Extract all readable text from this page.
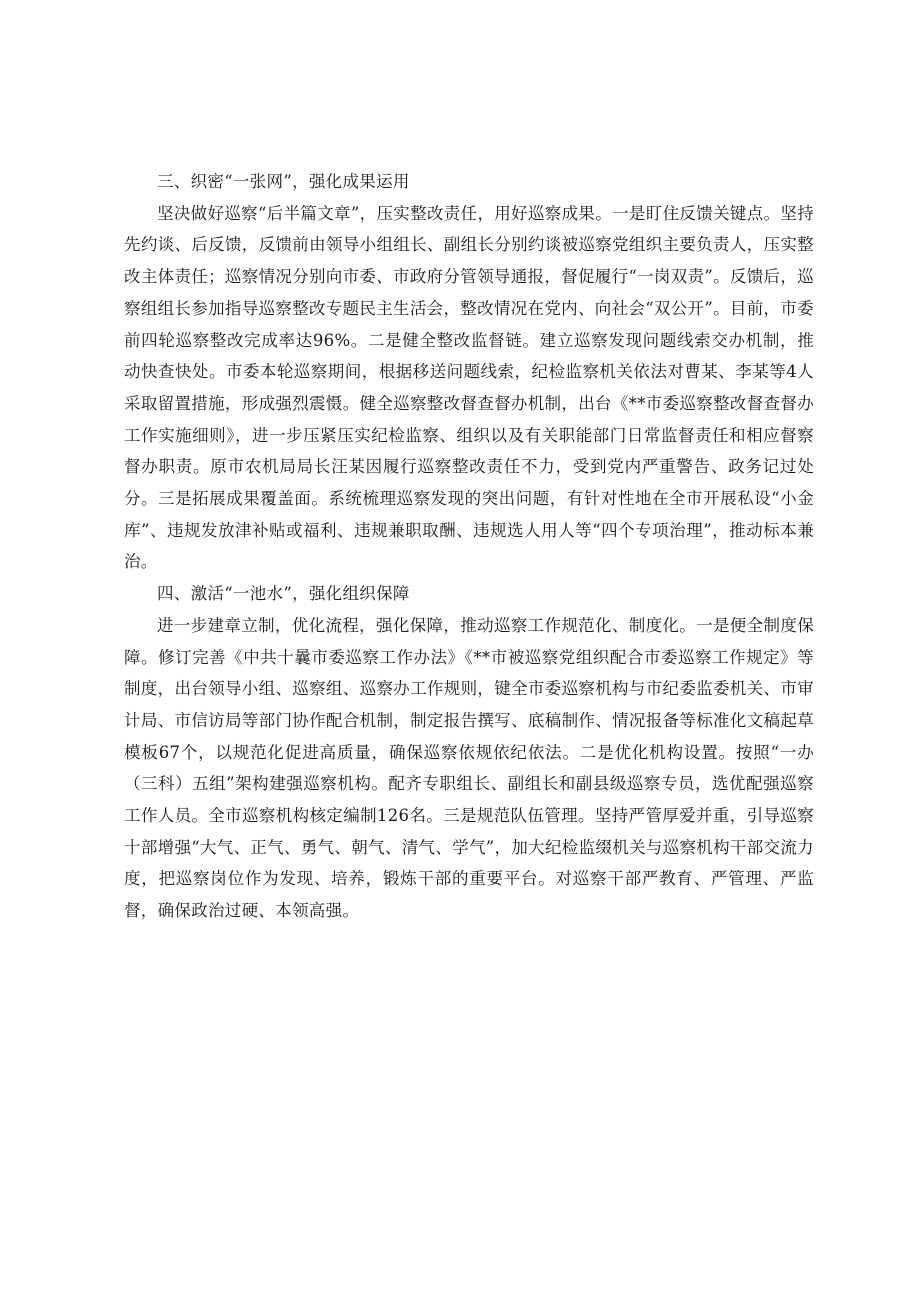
三、织密“一张网”，强化成果运用

坚决做好巡察“后半篇文章”，压实整改责任，用好巡察成果。一是盯住反馈关键点。坚持先约谈、后反馈，反馈前由领导小组组长、副组长分别约谈被巡察党组织主要负责人，压实整改主体责任；巡察情况分别向市委、市政府分管领导通报，督促履行“一岗双责”。反馈后，巡察组组长参加指导巡察整改专题民主生活会，整改情况在党内、向社会“双公开”。目前，市委前四轮巡察整改完成率达96%。二是健全整改监督链。建立巡察发现问题线索交办机制，推动快查快处。市委本轮巡察期间，根据移送问题线索，纪检监察机关依法对曹某、李某等4人采取留置措施，形成强烈震慑。健全巡察整改督查督办机制，出台《**市委巡察整改督查督办工作实施细则》，进一步压紧压实纪检监察、组织以及有关职能部门日常监督责任和相应督察督办职责。原市农机局局长汪某因履行巡察整改责任不力，受到党内严重警告、政务记过处分。三是拓展成果覆盖面。系统梳理巡察发现的突出问题，有针对性地在全市开展私设“小金库”、违规发放津补贴或福利、违规兼职取酬、违规选人用人等“四个专项治理”，推动标本兼治。

四、激活“一池水”，强化组织保障

进一步建章立制，优化流程，强化保障，推动巡察工作规范化、制度化。一是便全制度保障。修订完善《中共十曩市委巡察工作办法》《**市被巡察党组织配合市委巡察工作规定》等制度，出台领导小组、巡察组、巡察办工作规则，键全市委巡察机构与市纪委监委机关、市审计局、市信访局等部门协作配合机制，制定报告撰写、底稿制作、情况报备等标准化文稿起草模板67个，以规范化促进高质量，确保巡察依规依纪依法。二是优化机构设置。按照“一办（三科）五组”架构建强巡察机构。配齐专职组长、副组长和副县级巡察专员，选优配强巡察工作人员。全市巡察机构核定编制126名。三是规范队伍管理。坚持严管厚爱并重，引导巡察十部增强“大气、正气、勇气、朝气、清气、学气”，加大纪检监缀机关与巡察机构干部交流力度，把巡察岗位作为发现、培养，锻炼干部的重要平台。对巡察干部严教育、严管理、严监督，确保政治过硬、本领高强。
